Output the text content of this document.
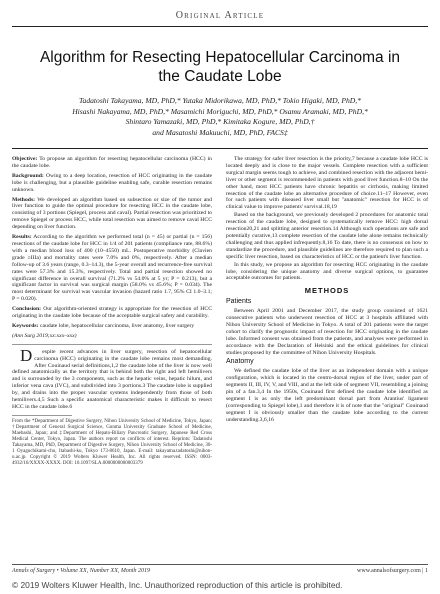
Original Article
Algorithm for Resecting Hepatocellular Carcinoma in the Caudate Lobe
Tadatoshi Takayama, MD, PhD,* Yutaka Midorikawa, MD, PhD,* Tokio Higaki, MD, PhD,*
Hisashi Nakayama, MD, PhD,* Masamichi Moriguchi, MD, PhD,* Osamu Aramaki, MD, PhD,*
Shintaro Yamazaki, MD, PhD,* Kimitaka Kogure, MD, PhD,†
and Masatoshi Makuuchi, MD, PhD, FACS‡
Objective: To propose an algorithm for resecting hepatocellular carcinoma (HCC) in the caudate lobe.
Background: Owing to a deep location, resection of HCC originating in the caudate lobe is challenging, but a plausible guideline enabling safe, curable resection remains unknown.
Methods: We developed an algorithm based on subsection or size of the tumor and liver function to guide the optimal procedure for resecting HCC in the caudate lobe, consisting of 3 portions (Spiegel, process and caval). Partial resection was prioritized to remove Spiegel or process HCC, while total resection was aimed to remove caval HCC depending on liver function.
Results: According to the algorithm we performed total (n = 45) or partial (n = 156) resections of the caudate lobe for HCC in 1/4 of 201 patients (compliance rate, 88.6%) with a median blood loss of 400 (10–4550) mL. Postoperative morbidity (Clavien grade ≥IIIa) and mortality rates were 7.0% and 0%, respectively. After a median follow-up of 3.6 years (range, 0.3–14.3), the 5-year overall and recurrence-free survival rates were 57.3% and 15.3%, respectively. Total and partial resection showed no significant difference in overall survival (71.2% vs 54.0% at 5 yr; P = 0.213), but a significant factor in survival was surgical margin (58.0% vs 45.6%; P = 0.034). The most determinant for survival was vascular invasion (hazard ratio 1.7, 95% CI 1.0–3.1; P = 0.020).
Conclusion: Our algorithm-oriented strategy is appropriate for the resection of HCC originating in the caudate lobe because of the acceptable surgical safety and curability.
Keywords: caudate lobe, hepatocellular carcinoma, liver anatomy, liver surgery
(Ann Surg 2019;xx:xxx–xxx)
Despite recent advances in liver surgery, resection of hepatocellular carcinoma (HCC) originating in the caudate lobe remains most demanding. After Couinaud serial definitions,1,2 the caudate lobe of the liver is now well defined anatomically as the territory that is behind both the right and left hemilivers and is surrounded by the 3 components, such as the hepatic veins, hepatic hilum, and inferior vena cava (IVC), and subdivided into 3 portions.3 The caudate lobe is supplied by, and drains into the proper vascular systems independently from those of both hemilivers.4,5 Such a specific anatomical characteristic makes it difficult to resect HCC in the caudate lobe.6
From the *Department of Digestive Surgery, Nihon University School of Medicine, Tokyo, Japan; †Department of General Surgical Science, Gunma University Graduate School of Medicine, Maebashi, Japan; and ‡Department of Hepato-Biliary Pancreatic Surgery, Japanese Red Cross Medical Center, Tokyo, Japan. The authors report no conflicts of interest. Reprints: Tadatoshi Takayama, MD, PhD, Department of Digestive Surgery, Nihon University School of Medicine, 30-1 Oyaguchikami-cho, Itabashi-ku, Tokyo 173-8610, Japan. E-mail: takayama.tadatoshi@nihon-u.ac.jp. Copyright © 2019 Wolters Kluwer Health, Inc. All rights reserved. ISSN: 0003-4932/16/XXXX-XXXX. DOI: 10.1097/SLA.0000000000003379
The strategy for safer liver resection is the priority,7 because a caudate lobe HCC is located deeply and is close to the major vessels. Complete resection with a sufficient surgical margin seems tough to achieve, and combined resection with the adjacent hemi-liver or other segment is recommended in patients with good liver function.8–10 On the other hand, most HCC patients have chronic hepatitis or cirrhosis, making limited resection of the caudate lobe an alternative procedure of choice.11–17 However, even for such patients with diseased liver small but "anatomic" resection for HCC is of clinical value to improve patients' survival.18,19
Based on the background, we previously developed 2 procedures for anatomic total resection of the caudate lobe, designed to systematically remove HCC: high dorsal resection20,21 and splitting anterior resection.14 Although such operations are safe and potentially curative,13 complete resection of the caudate lobe alone remains technically challenging and thus applied infrequently.8,16 To date, there is no consensus on how to standardize the procedure, and plausible guidelines are therefore required to plan such a specific liver resection, based on characteristics of HCC or the patient's liver function.
In this study, we propose an algorithm for resecting HCC originating in the caudate lobe, considering the unique anatomy and diverse surgical options, to guarantee acceptable outcomes for patients.
METHODS
Patients
Between April 2001 and December 2017, the study group consisted of 1621 consecutive patients who underwent resection of HCC at 3 hospitals affiliated with Nihon University School of Medicine in Tokyo. A total of 201 patients were the target cohort to clarify the prognostic impact of resection for HCC originating in the caudate lobe. Informed consent was obtained from the patients, and analyses were performed in accordance with the Declaration of Helsinki and the ethical guidelines for clinical studies proposed by the committee of Nihon University Hospitals.
Anatomy
We defined the caudate lobe of the liver as an independent domain with a unique configuration, which is located in the centro-dorsal region of the liver, under part of segments II, III, IV, V, and VIII, and at the left side of segment VII, resembling a joining pin of a fan.3,4 In the 1950s, Couinaud first defined the caudate lobe identified as segment I is as only the left predominant dorsal part from Arantius' ligament (corresponding to Spiegel lobe),1 and therefore it is of note that the "original" Couinaud segment I is obviously smaller than the caudate lobe according to the current understanding.3,6,16
Annals of Surgery • Volume XX, Number XX, Month 2019	www.annalsofsurgery.com | 1
© 2019 Wolters Kluwer Health, Inc. Unauthorized reproduction of this article is prohibited.
